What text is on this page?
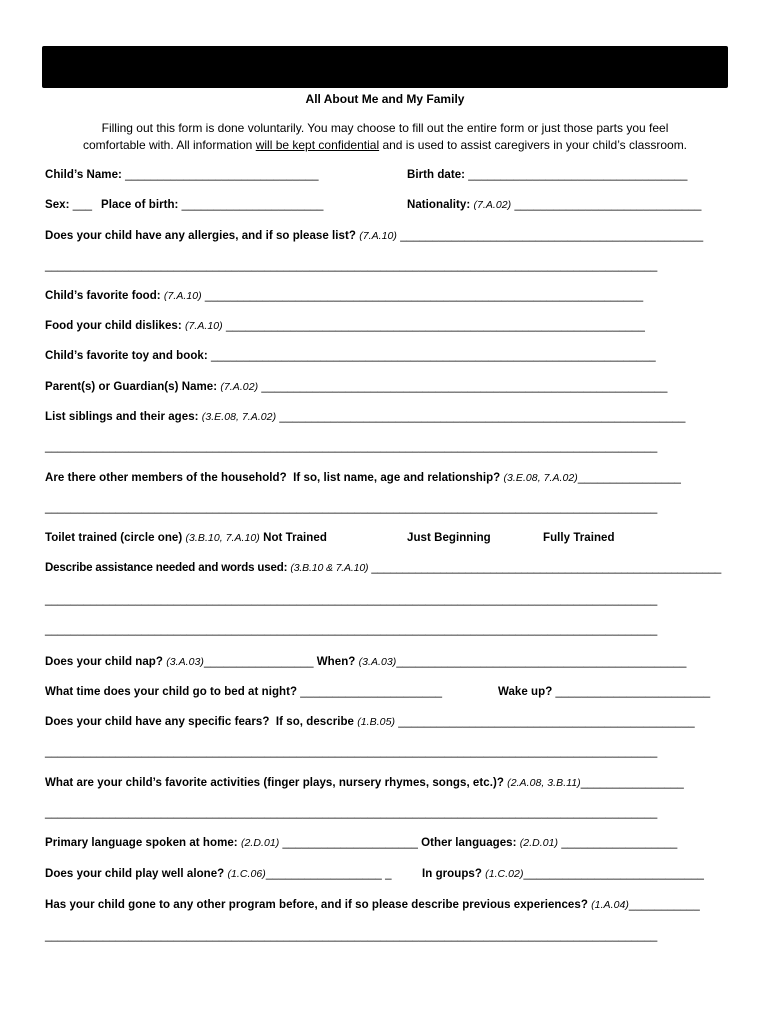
All About Me and My Family
Filling out this form is done voluntarily. You may choose to fill out the entire form or just those parts you feel
comfortable with. All information will be kept confidential and is used to assist caregivers in your child’s classroom.
Child’s Name: ______________________________	Birth date: __________________________________
Sex: ___ Place of birth: ______________________	Nationality: (7.A.02) _____________________________
Does your child have any allergies, and if so please list? (7.A.10) _______________________________________________
_______________________________________________________________________________________________
Child’s favorite food: (7.A.10) ____________________________________________________________________
Food your child dislikes: (7.A.10) _________________________________________________________________
Child’s favorite toy and book: _____________________________________________________________________
Parent(s) or Guardian(s) Name: (7.A.02) _______________________________________________________________
List siblings and their ages: (3.E.08, 7.A.02) _______________________________________________________________
_______________________________________________________________________________________________
Are there other members of the household?  If so, list name, age and relationship? (3.E.08, 7.A.02)________________
_______________________________________________________________________________________________
Toilet trained (circle one) (3.B.10, 7.A.10) Not Trained	Just Beginning	Fully Trained
Describe assistance needed and words used: (3.B.10 & 7.A.10) ________________________________________________________
_______________________________________________________________________________________________
_______________________________________________________________________________________________
Does your child nap? (3.A.03)_________________ When? (3.A.03)_____________________________________________
What time does your child go to bed at night? ______________________	Wake up? ________________________
Does your child have any specific fears?  If so, describe (1.B.05) ______________________________________________
_______________________________________________________________________________________________
What are your child’s favorite activities (finger plays, nursery rhymes, songs, etc.)? (2.A.08, 3.B.11)________________
_______________________________________________________________________________________________
Primary language spoken at home: (2.D.01) _____________________ Other languages: (2.D.01) __________________
Does your child play well alone? (1.C.06)__________________ _	In groups? (1.C.02)____________________________
Has your child gone to any other program before, and if so please describe previous experiences? (1.A.04)___________
_______________________________________________________________________________________________
